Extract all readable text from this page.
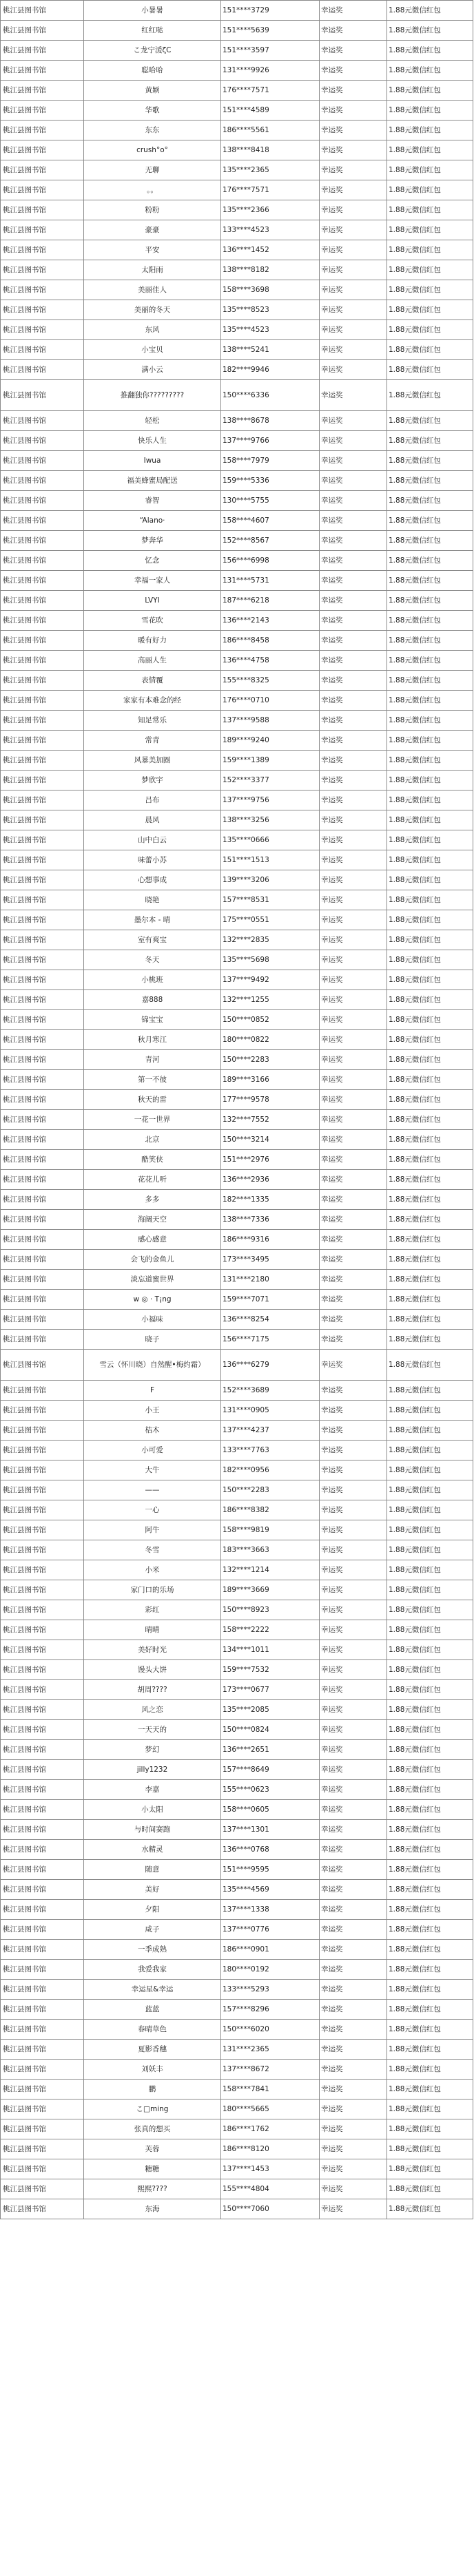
桃江县图书馆	小暑暑	151****3729	幸运奖	1.88元微信红包
桃江县图书馆	红红哒	151****5639	幸运奖	1.88元微信红包
桃江县图书馆	こ龙宁湲ζC	151****3597	幸运奖	1.88元微信红包
桃江县图书馆	聪哈哈	131****9926	幸运奖	1.88元微信红包
桃江县图书馆	黄颖	176****7571	幸运奖	1.88元微信红包
桃江县图书馆	华歌	151****4589	幸运奖	1.88元微信红包
桃江县图书馆	东东	186****5561	幸运奖	1.88元微信红包
桃江县图书馆	crush°o°	138****8418	幸运奖	1.88元微信红包
桃江县图书馆	无聊	135****2365	幸运奖	1.88元微信红包
桃江县图书馆	。。	176****7571	幸运奖	1.88元微信红包
桃江县图书馆	粉粉	135****2366	幸运奖	1.88元微信红包
桃江县图书馆	豪豪	133****4523	幸运奖	1.88元微信红包
桃江县图书馆	平安	136****1452	幸运奖	1.88元微信红包
桃江县图书馆	太阳雨	138****8182	幸运奖	1.88元微信红包
桃江县图书馆	美丽佳人	158****3698	幸运奖	1.88元微信红包
桃江县图书馆	美丽的冬天	135****8523	幸运奖	1.88元微信红包
桃江县图书馆	东风	135****4523	幸运奖	1.88元微信红包
桃江县图书馆	小宝贝	138****5241	幸运奖	1.88元微信红包
桃江县图书馆	满小云	182****9946	幸运奖	1.88元微信红包
桃江县图书馆	推翻独你?????????	150****6336	幸运奖	1.88元微信红包
桃江县图书馆	轻松	138****8678	幸运奖	1.88元微信红包
桃江县图书馆	快乐人生	137****9766	幸运奖	1.88元微信红包
桃江县图书馆	Iwua	158****7979	幸运奖	1.88元微信红包
桃江县图书馆	福美蜂蜜局配送	159****5336	幸运奖	1.88元微信红包
桃江县图书馆	睿智	130****5755	幸运奖	1.88元微信红包
桃江县图书馆	“Alano·	158****4607	幸运奖	1.88元微信红包
桃江县图书馆	梦奔华	152****8567	幸运奖	1.88元微信红包
桃江县图书馆	忆念	156****6998	幸运奖	1.88元微信红包
桃江县图书馆	幸福一家人	131****5731	幸运奖	1.88元微信红包
桃江县图书馆	LVYI	187****6218	幸运奖	1.88元微信红包
桃江县图书馆	雪花吹	136****2143	幸运奖	1.88元微信红包
桃江县图书馆	暖有好力	186****8458	幸运奖	1.88元微信红包
桃江县图书馆	高丽人生	136****4758	幸运奖	1.88元微信红包
桃江县图书馆	表情覆	155****8325	幸运奖	1.88元微信红包
桃江县图书馆	家家有本难念的经	176****0710	幸运奖	1.88元微信红包
桃江县图书馆	知足常乐	137****9588	幸运奖	1.88元微信红包
桃江县图书馆	常青	189****9240	幸运奖	1.88元微信红包
桃江县图书馆	风暴美加圈	159****1389	幸运奖	1.88元微信红包
桃江县图书馆	梦欣宇	152****3377	幸运奖	1.88元微信红包
桃江县图书馆	吕布	137****9756	幸运奖	1.88元微信红包
桃江县图书馆	晨风	138****3256	幸运奖	1.88元微信红包
桃江县图书馆	山中白云	135****0666	幸运奖	1.88元微信红包
桃江县图书馆	味蕾小苏	151****1513	幸运奖	1.88元微信红包
桃江县图书馆	心想事成	139****3206	幸运奖	1.88元微信红包
桃江县图书馆	晓艳	157****8531	幸运奖	1.88元微信红包
桃江县图书馆	墨尔本 - 晴	175****0551	幸运奖	1.88元微信红包
桃江县图书馆	室有爽宝	132****2835	幸运奖	1.88元微信红包
桃江县图书馆	冬天	135****5698	幸运奖	1.88元微信红包
桃江县图书馆	小桃班	137****9492	幸运奖	1.88元微信红包
桃江县图书馆	嘉888	132****1255	幸运奖	1.88元微信红包
桃江县图书馆	锦宝宝	150****0852	幸运奖	1.88元微信红包
桃江县图书馆	秋月寒江	180****0822	幸运奖	1.88元微信红包
桃江县图书馆	青河	150****2283	幸运奖	1.88元微信红包
桃江县图书馆	第一不彼	189****3166	幸运奖	1.88元微信红包
桃江县图书馆	秋天的雷	177****9578	幸运奖	1.88元微信红包
桃江县图书馆	一花一世界	132****7552	幸运奖	1.88元微信红包
桃江县图书馆	北京	150****3214	幸运奖	1.88元微信红包
桃江县图书馆	酷笑侠	151****2976	幸运奖	1.88元微信红包
桃江县图书馆	花花儿听	136****2936	幸运奖	1.88元微信红包
桃江县图书馆	多多	182****1335	幸运奖	1.88元微信红包
桃江县图书馆	海阔天空	138****7336	幸运奖	1.88元微信红包
桃江县图书馆	感心感意	186****9316	幸运奖	1.88元微信红包
桃江县图书馆	会飞的金鱼儿	173****3495	幸运奖	1.88元微信红包
桃江县图书馆	淡忘道蜜世界	131****2180	幸运奖	1.88元微信红包
桃江县图书馆	w ◎ · T¡ng	159****7071	幸运奖	1.88元微信红包
桃江县图书馆	小福味	136****8254	幸运奖	1.88元微信红包
桃江县图书馆	晓子	156****7175	幸运奖	1.88元微信红包
桃江县图书馆	雪云（怀川晓）自然醒•梅约霜）	136****6279	幸运奖	1.88元微信红包
桃江县图书馆	F	152****3689	幸运奖	1.88元微信红包
桃江县图书馆	小王	131****0905	幸运奖	1.88元微信红包
桃江县图书馆	桔木	137****4237	幸运奖	1.88元微信红包
桃江县图书馆	小可爱	133****7763	幸运奖	1.88元微信红包
桃江县图书馆	大牛	182****0956	幸运奖	1.88元微信红包
桃江县图书馆	——	150****2283	幸运奖	1.88元微信红包
桃江县图书馆	一心	186****8382	幸运奖	1.88元微信红包
桃江县图书馆	阿牛	158****9819	幸运奖	1.88元微信红包
桃江县图书馆	冬雪	183****3663	幸运奖	1.88元微信红包
桃江县图书馆	小米	132****1214	幸运奖	1.88元微信红包
桃江县图书馆	家门口的乐场	189****3669	幸运奖	1.88元微信红包
桃江县图书馆	彩红	150****8923	幸运奖	1.88元微信红包
桃江县图书馆	晴晴	158****2222	幸运奖	1.88元微信红包
桃江县图书馆	美好时光	134****1011	幸运奖	1.88元微信红包
桃江县图书馆	馒头大饼	159****7532	幸运奖	1.88元微信红包
桃江县图书馆	胡周????	173****0677	幸运奖	1.88元微信红包
桃江县图书馆	风之恋	135****2085	幸运奖	1.88元微信红包
桃江县图书馆	一天天的	150****0824	幸运奖	1.88元微信红包
桃江县图书馆	梦幻	136****2651	幸运奖	1.88元微信红包
桃江县图书馆	jilly1232	157****8649	幸运奖	1.88元微信红包
桃江县图书馆	李嘉	155****0623	幸运奖	1.88元微信红包
桃江县图书馆	小太阳	158****0605	幸运奖	1.88元微信红包
桃江县图书馆	与时间赛跑	137****1301	幸运奖	1.88元微信红包
桃江县图书馆	水精灵	136****0768	幸运奖	1.88元微信红包
桃江县图书馆	随意	151****9595	幸运奖	1.88元微信红包
桃江县图书馆	美好	135****4569	幸运奖	1.88元微信红包
桃江县图书馆	夕阳	137****1338	幸运奖	1.88元微信红包
桃江县图书馆	咸子	137****0776	幸运奖	1.88元微信红包
桃江县图书馆	一季成熟	186****0901	幸运奖	1.88元微信红包
桃江县图书馆	我爱我家	180****0192	幸运奖	1.88元微信红包
桃江县图书馆	幸运星&幸运	133****5293	幸运奖	1.88元微信红包
桃江县图书馆	蓝蓝	157****8296	幸运奖	1.88元微信红包
桃江县图书馆	春晴草色	150****6020	幸运奖	1.88元微信红包
桃江县图书馆	夏影香穗	131****2365	幸运奖	1.88元微信红包
桃江县图书馆	刘妖丰	137****8672	幸运奖	1.88元微信红包
桃江县图书馆	鹏	158****7841	幸运奖	1.88元微信红包
桃江县图书馆	こ□ming	180****5665	幸运奖	1.88元微信红包
桃江县图书馆	张真的想买	186****1762	幸运奖	1.88元微信红包
桃江县图书馆	芙蓉	186****8120	幸运奖	1.88元微信红包
桃江县图书馆	糖糖	137****1453	幸运奖	1.88元微信红包
桃江县图书馆	熙熙????	155****4804	幸运奖	1.88元微信红包
桃江县图书馆	东海	150****7060	幸运奖	1.88元微信红包
